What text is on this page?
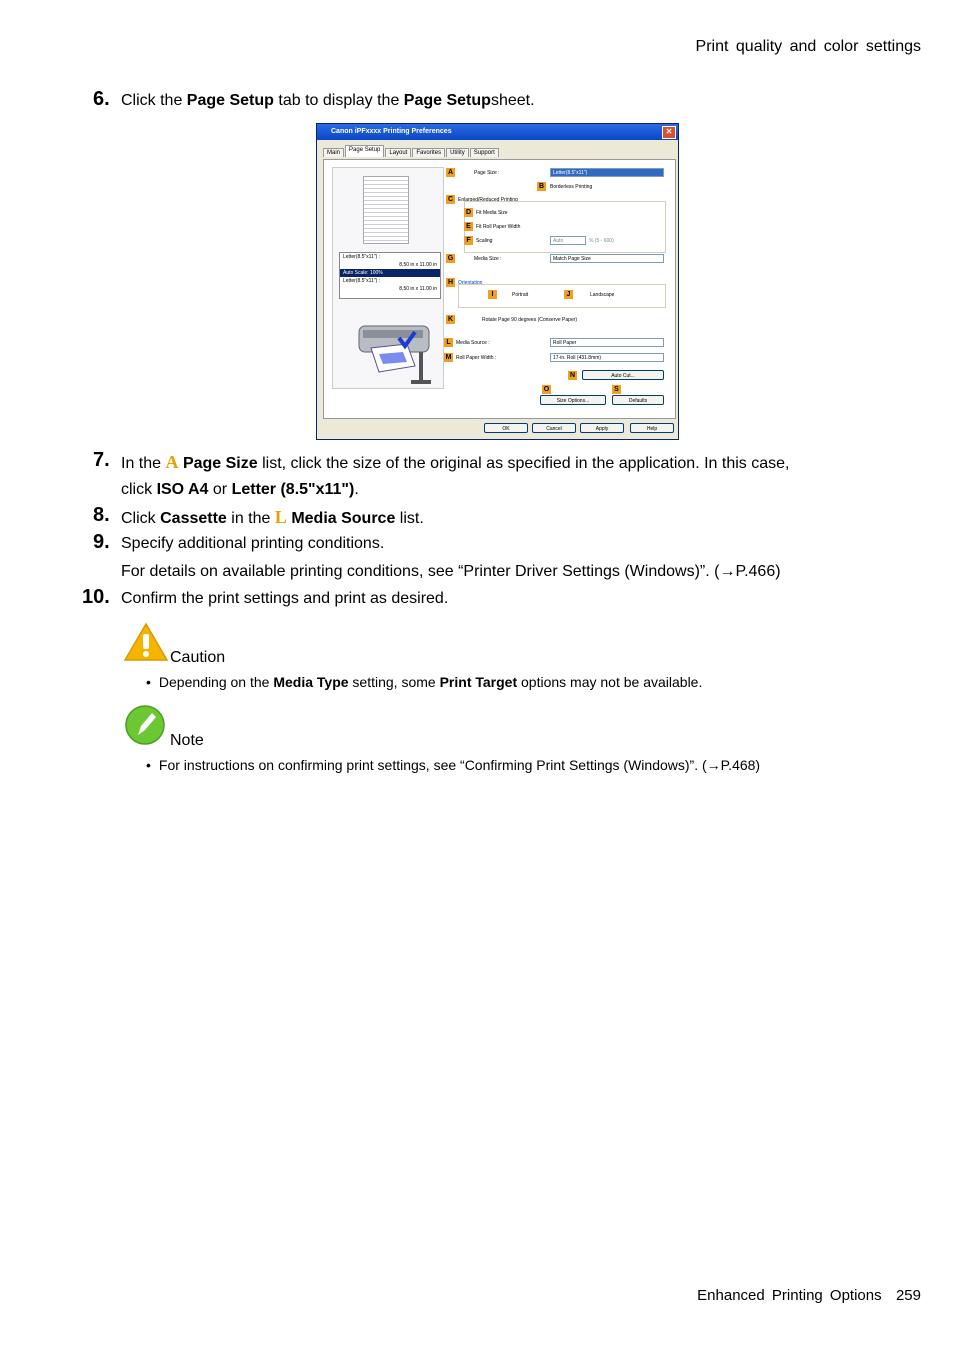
Print quality and color settings
6. Click the Page Setup tab to display the Page Setupsheet.
Canon iPFxxxx Printing Preferences	✕
Main	Page Setup	Layout	Favorites	Utility	Support
Letter(8.5"x11") :
8.50 in x 11.00 in
Auto Scale: 100%
Letter(8.5"x11") :
8.50 in x 11.00 in
A	Page Size :	Letter(8.5"x11")
B	Borderless Printing
C Enlarged/Reduced Printing
D Fit Media Size
E	Fit Roll Paper Width
F	Scaling	Auto	% (5 - 600)
G	Media Size :	Match Page Size
H Orientation
I	Portrait	J	Landscape
K	Rotate Page 90 degrees (Conserve Paper)
L	Media Source :	Roll Paper
M Roll Paper Width :	17-in. Roll (431.8mm)
N	Auto Cut...
O	S
Size Options...	Defaults
OK	Cancel	Apply	Help
7. In the A Page Size list, click the size of the original as specified in the application. In this case,
click ISO A4 or Letter (8.5"x11").
8. Click Cassette in the L Media Source list.
9. Specify additional printing conditions.
For details on available printing conditions, see “Printer Driver Settings (Windows)”. (→P.466)
10. Confirm the print settings and print as desired.
Caution
• Depending on the Media Type setting, some Print Target options may not be available.
Note
• For instructions on confirming print settings, see “Confirming Print Settings (Windows)”. (→P.468)
Enhanced Printing Options 259
